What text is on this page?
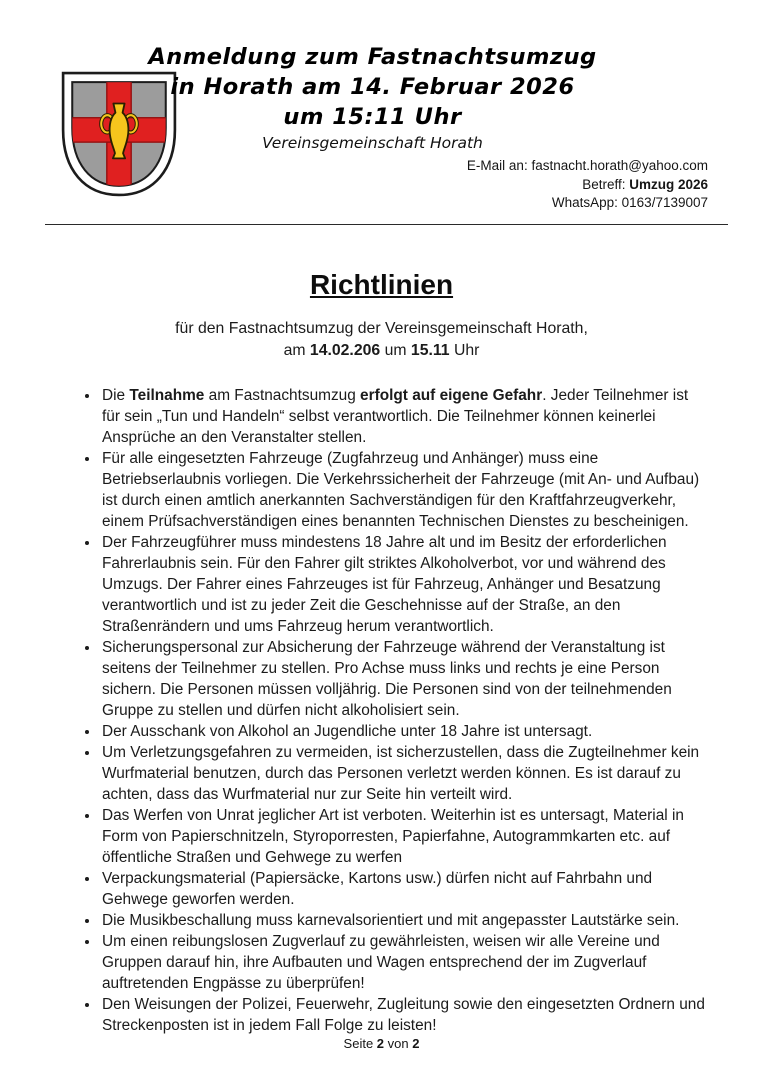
Anmeldung zum Fastnachtsumzug
in Horath am 14. Februar 2026
um 15:11 Uhr
Vereinsgemeinschaft Horath
E-Mail an: fastnacht.horath@yahoo.com
Betreff: Umzug 2026
WhatsApp: 0163/7139007
Richtlinien
für den Fastnachtsumzug der Vereinsgemeinschaft Horath,
am 14.02.206 um 15.11 Uhr
• Die Teilnahme am Fastnachtsumzug erfolgt auf eigene Gefahr. Jeder Teilnehmer ist für sein „Tun und Handeln“ selbst verantwortlich. Die Teilnehmer können keinerlei Ansprüche an den Veranstalter stellen.
• Für alle eingesetzten Fahrzeuge (Zugfahrzeug und Anhänger) muss eine Betriebserlaubnis vorliegen. Die Verkehrssicherheit der Fahrzeuge (mit An- und Aufbau) ist durch einen amtlich anerkannten Sachverständigen für den Kraftfahrzeugverkehr, einem Prüfsachverständigen eines benannten Technischen Dienstes zu bescheinigen.
• Der Fahrzeugführer muss mindestens 18 Jahre alt und im Besitz der erforderlichen Fahrerlaubnis sein. Für den Fahrer gilt striktes Alkoholverbot, vor und während des Umzugs. Der Fahrer eines Fahrzeuges ist für Fahrzeug, Anhänger und Besatzung verantwortlich und ist zu jeder Zeit die Geschehnisse auf der Straße, an den Straßenrändern und ums Fahrzeug herum verantwortlich.
• Sicherungspersonal zur Absicherung der Fahrzeuge während der Veranstaltung ist seitens der Teilnehmer zu stellen. Pro Achse muss links und rechts je eine Person sichern. Die Personen müssen volljährig. Die Personen sind von der teilnehmenden Gruppe zu stellen und dürfen nicht alkoholisiert sein.
• Der Ausschank von Alkohol an Jugendliche unter 18 Jahre ist untersagt.
• Um Verletzungsgefahren zu vermeiden, ist sicherzustellen, dass die Zugteilnehmer kein Wurfmaterial benutzen, durch das Personen verletzt werden können. Es ist darauf zu achten, dass das Wurfmaterial nur zur Seite hin verteilt wird.
• Das Werfen von Unrat jeglicher Art ist verboten. Weiterhin ist es untersagt, Material in Form von Papierschnitzeln, Styroporresten, Papierfahne, Autogrammkarten etc. auf öffentliche Straßen und Gehwege zu werfen
• Verpackungsmaterial (Papiersäcke, Kartons usw.) dürfen nicht auf Fahrbahn und Gehwege geworfen werden.
• Die Musikbeschallung muss karnevalsorientiert und mit angepasster Lautstärke sein.
• Um einen reibungslosen Zugverlauf zu gewährleisten, weisen wir alle Vereine und Gruppen darauf hin, ihre Aufbauten und Wagen entsprechend der im Zugverlauf auftretenden Engpässe zu überprüfen!
• Den Weisungen der Polizei, Feuerwehr, Zugleitung sowie den eingesetzten Ordnern und Streckenposten ist in jedem Fall Folge zu leisten!
Seite 2 von 2
